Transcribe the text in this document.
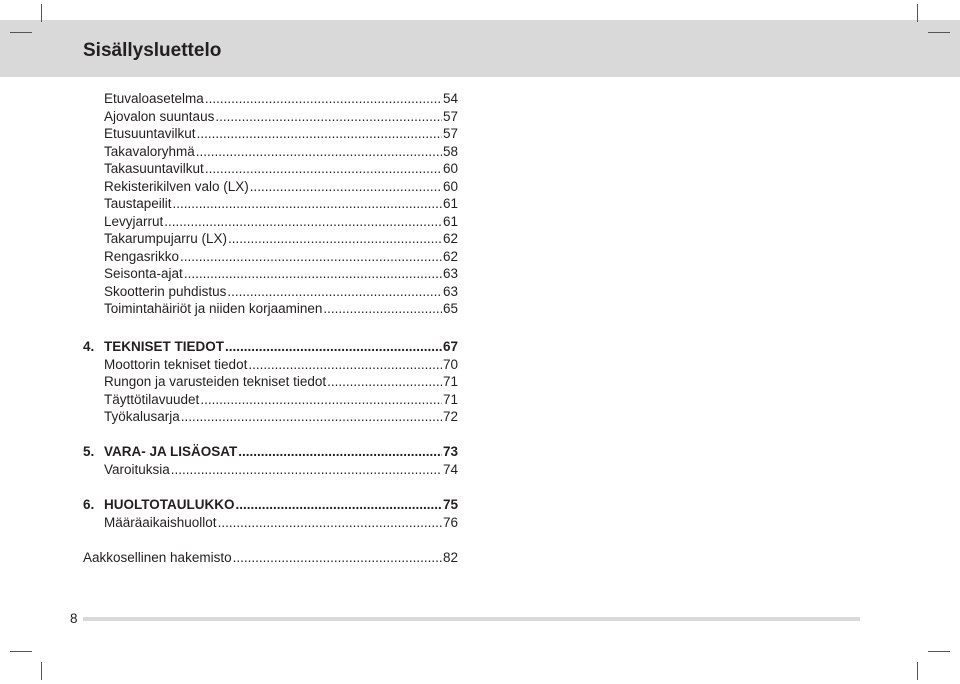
Sisällysluettelo
Etuvaloasetelma .....	54
Ajovalon suuntaus .....	57
Etusuuntavilkut .....	57
Takavaloryhmä .....	58
Takasuuntavilkut .....	60
Rekisterikilven valo (LX) .....	60
Taustapeilit .....	61
Levyjarrut .....	61
Takarumpujarru (LX) .....	62
Rengasrikko .....	62
Seisonta-ajat .....	63
Skootterin puhdistus .....	63
Toimintahäiriöt ja niiden korjaaminen .....	65
4. TEKNISET TIEDOT .....	67
Moottorin tekniset tiedot .....	70
Rungon ja varusteiden tekniset tiedot .....	71
Täyttötilavuudet .....	71
Työkalusarja .....	72
5. VARA- JA LISÄOSAT .....	73
Varoituksia .....	74
6. HUOLTOTAULUKKO .....	75
Määräaikaishuollot .....	76
Aakkosellinen hakemisto .....	82
8
